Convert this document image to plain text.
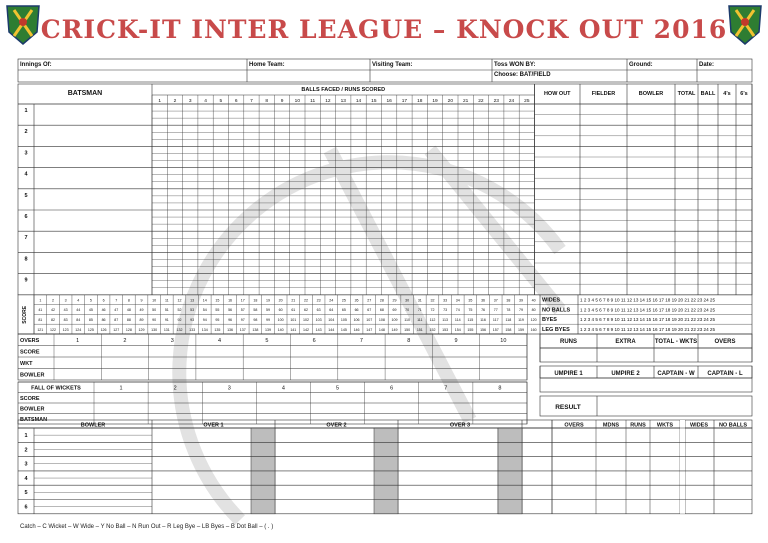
CRICK-IT INTER LEAGUE – KNOCK OUT 2016
Innings Of:	Home Team:	Visiting Team:	Toss WON BY:
Choose: BAT/FIELD
Ground:	Date:
BATSMAN	BALLS FACED / RUNS SCORED
1	2	3	4	5	6	7	8	9 10 11 12 13 14 15 16 17 18 19 20 21 22 23 24 25
HOW OUT	FIELDER	BOWLER	TOTAL BALL 4's 6's
1
2
3
4
5
6
7
8
9
SCORE
1	2	3	4	5	6	7	8	9	10 11 12 13 14 15 16 17 18 19 20 21 22 23 24 25 26 27 28 29 30 31 32 33 34 35 36 37 38 39 40 WIDES	1 2 3 4 5 6 7 8 9 10 11 12 13 14 15 16 17 18 19 20 21 22 23 24 25
41 42 43 44 45 46 47 48 49 50 51 52 53 54 55 56 57 58 59 60 61 62 63 64 65 66 67 68 69 70 71 72 73 74 75 76 77 78 79 80 NO BALLS 1 2 3 4 5 6 7 8 9 10 11 12 13 14 15 16 17 18 19 20 21 22 23 24 25
81 82 83 84 85 86 87 88 89 90 91 92 93 94 95 96 97 98 99 100 101 102 103 104 105 106 107 108 109 110 111 112 113 114 115 116 117 118 119 120 BYES	1 2 3 4 5 6 7 8 9 10 11 12 13 14 15 16 17 18 19 20 21 22 23 24 25
121 122 123 124 125 126 127 128 129 130 131 132 133 134 135 136 137 138 139 140 141 142 143 144 145 146 147 148 149 150 151 152 153 154 155 156 157 158 159 160 LEG BYES 1 2 3 4 5 6 7 8 9 10 11 12 13 14 15 16 17 18 19 20 21 22 23 24 25
OVERS
SCORE
WKT
BOWLER
1	2	3	4	5	6	7	8	9	10	RUNS	EXTRA	TOTAL - WKTS	OVERS
UMPIRE 1	UMPIRE 2	CAPTAIN - W CAPTAIN - L
RESULT
FALL OF WICKETS
SCORE
BOWLER
BATSMAN
1	2	3	4	5	6	7	8
BOWLER	OVER 1	OVER 2	OVER 3	OVERS	MDNS RUNS WKTS	WIDES NO BALLS
1
2
3
4
5
6
Catch – C Wicket – W Wide – Y No Ball – N Run Out – R Leg Bye – LB Byes – B Dot Ball – ( . )
